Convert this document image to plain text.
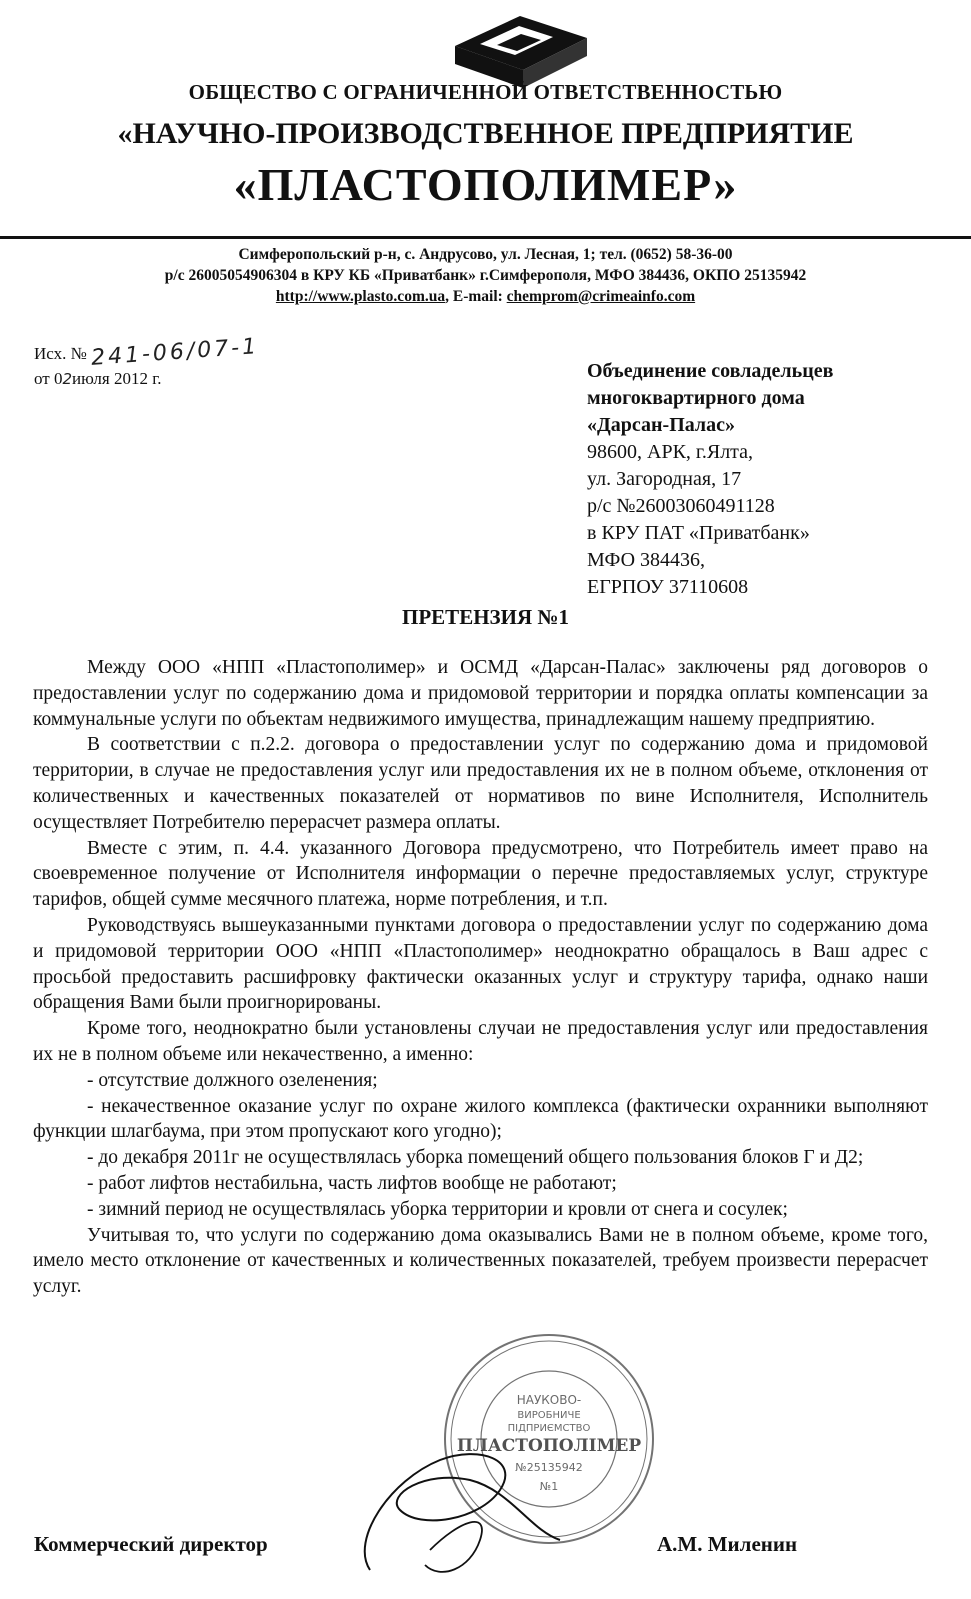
ОБЩЕСТВО С ОГРАНИЧЕННОЙ ОТВЕТСТВЕННОСТЬЮ
«НАУЧНО-ПРОИЗВОДСТВЕННОЕ ПРЕДПРИЯТИЕ
«ПЛАСТОПОЛИМЕР»
Симферопольский р-н, с. Андрусово, ул. Лесная, 1; тел. (0652) 58-36-00
р/с 26005054906304 в КРУ КБ «Приватбанк» г.Симферополя, МФО 384436, ОКПО 25135942
http://www.plasto.com.ua, E-mail: chemprom@crimeainfo.com
Исх. № 241-06/07-1
от 02июля 2012 г.	Объединение совладельцев
многоквартирного дома
«Дарсан-Палас»
98600, АРК, г.Ялта,
ул. Загородная, 17
р/с №26003060491128
в КРУ ПАТ «Приватбанк»
МФО 384436,
ЕГРПОУ 37110608
ПРЕТЕНЗИЯ №1

Между ООО «НПП «Пластополимер» и ОСМД «Дарсан-Палас» заключены ряд договоров о предоставлении услуг по содержанию дома и придомовой территории и порядка оплаты компенсации за коммунальные услуги по объектам недвижимого имущества, принадлежащим нашему предприятию.

В соответствии с п.2.2. договора о предоставлении услуг по содержанию дома и придомовой территории, в случае не предоставления услуг или предоставления их не в полном объеме, отклонения от количественных и качественных показателей от нормативов по вине Исполнителя, Исполнитель осуществляет Потребителю перерасчет размера оплаты.

Вместе с этим, п. 4.4. указанного Договора предусмотрено, что Потребитель имеет право на своевременное получение от Исполнителя информации о перечне предоставляемых услуг, структуре тарифов, общей сумме месячного платежа, норме потребления, и т.п.

Руководствуясь вышеуказанными пунктами договора о предоставлении услуг по содержанию дома и придомовой территории ООО «НПП «Пластополимер» неоднократно обращалось в Ваш адрес с просьбой предоставить расшифровку фактически оказанных услуг и структуру тарифа, однако наши обращения Вами были проигнорированы.

Кроме того, неоднократно были установлены случаи не предоставления услуг или предоставления их не в полном объеме или некачественно, а именно:

- отсутствие должного озеленения;

- некачественное оказание услуг по охране жилого комплекса (фактически охранники выполняют функции шлагбаума, при этом пропускают кого угодно);

- до декабря 2011г не осуществлялась уборка помещений общего пользования блоков Г и Д2;

- работ лифтов нестабильна, часть лифтов вообще не работают;

- зимний период не осуществлялась уборка территории и кровли от снега и сосулек;

Учитывая то, что услуги по содержанию дома оказывались Вами не в полном объеме, кроме того, имело место отклонение от качественных и количественных показателей, требуем произвести перерасчет услуг.

НАУКОВО-
ВИРОБНИЧЕ
ПІДПРИЄМСТВО
ПЛАСТОПОЛІМЕР
№25135942
№1
Коммерческий директор	А.М. Миленин
